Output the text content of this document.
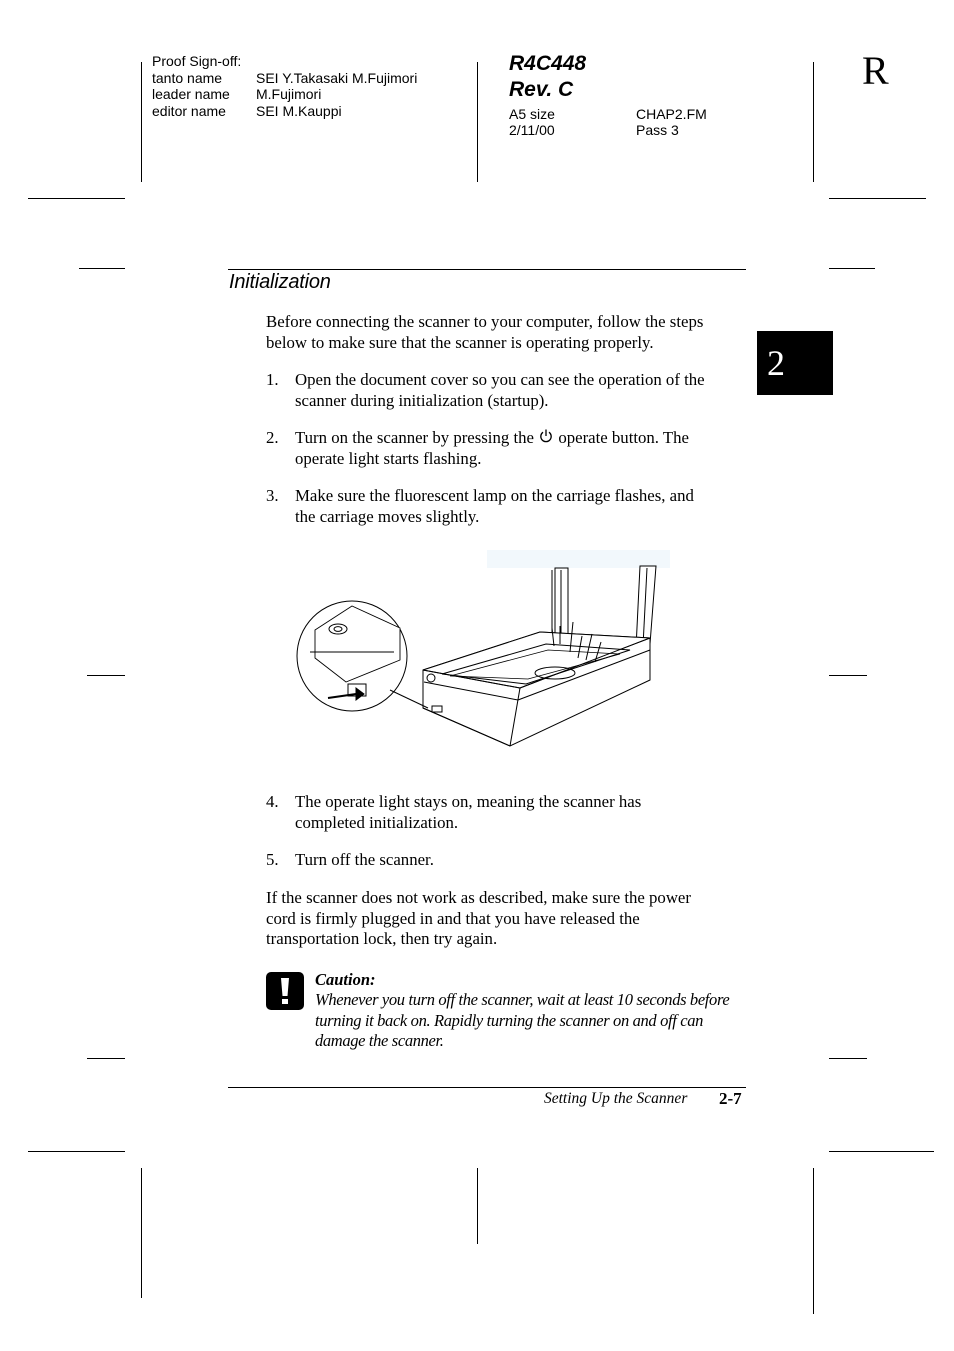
Proof Sign-off:
tanto name SEI Y.Takasaki M.Fujimori
leader name M.Fujimori
editor name SEI M.Kauppi
R4C448
Rev. C
A5 size	CHAP2.FM
2/11/00	Pass 3
R
2
Initialization
Before connecting the scanner to your computer, follow the steps below to make sure that the scanner is operating properly.
1. Open the document cover so you can see the operation of the
scanner during initialization (startup).
2. Turn on the scanner by pressing the  operate button. The
operate light starts flashing.
3. Make sure the fluorescent lamp on the carriage flashes, and
the carriage moves slightly.
4. The operate light stays on, meaning the scanner has
completed initialization.
5. Turn off the scanner.
If the scanner does not work as described, make sure the power
cord is firmly plugged in and that you have released the
transportation lock, then try again.
Caution:
Whenever you turn off the scanner, wait at least 10 seconds before
turning it back on. Rapidly turning the scanner on and off can
damage the scanner.
Setting Up the Scanner 2-7
